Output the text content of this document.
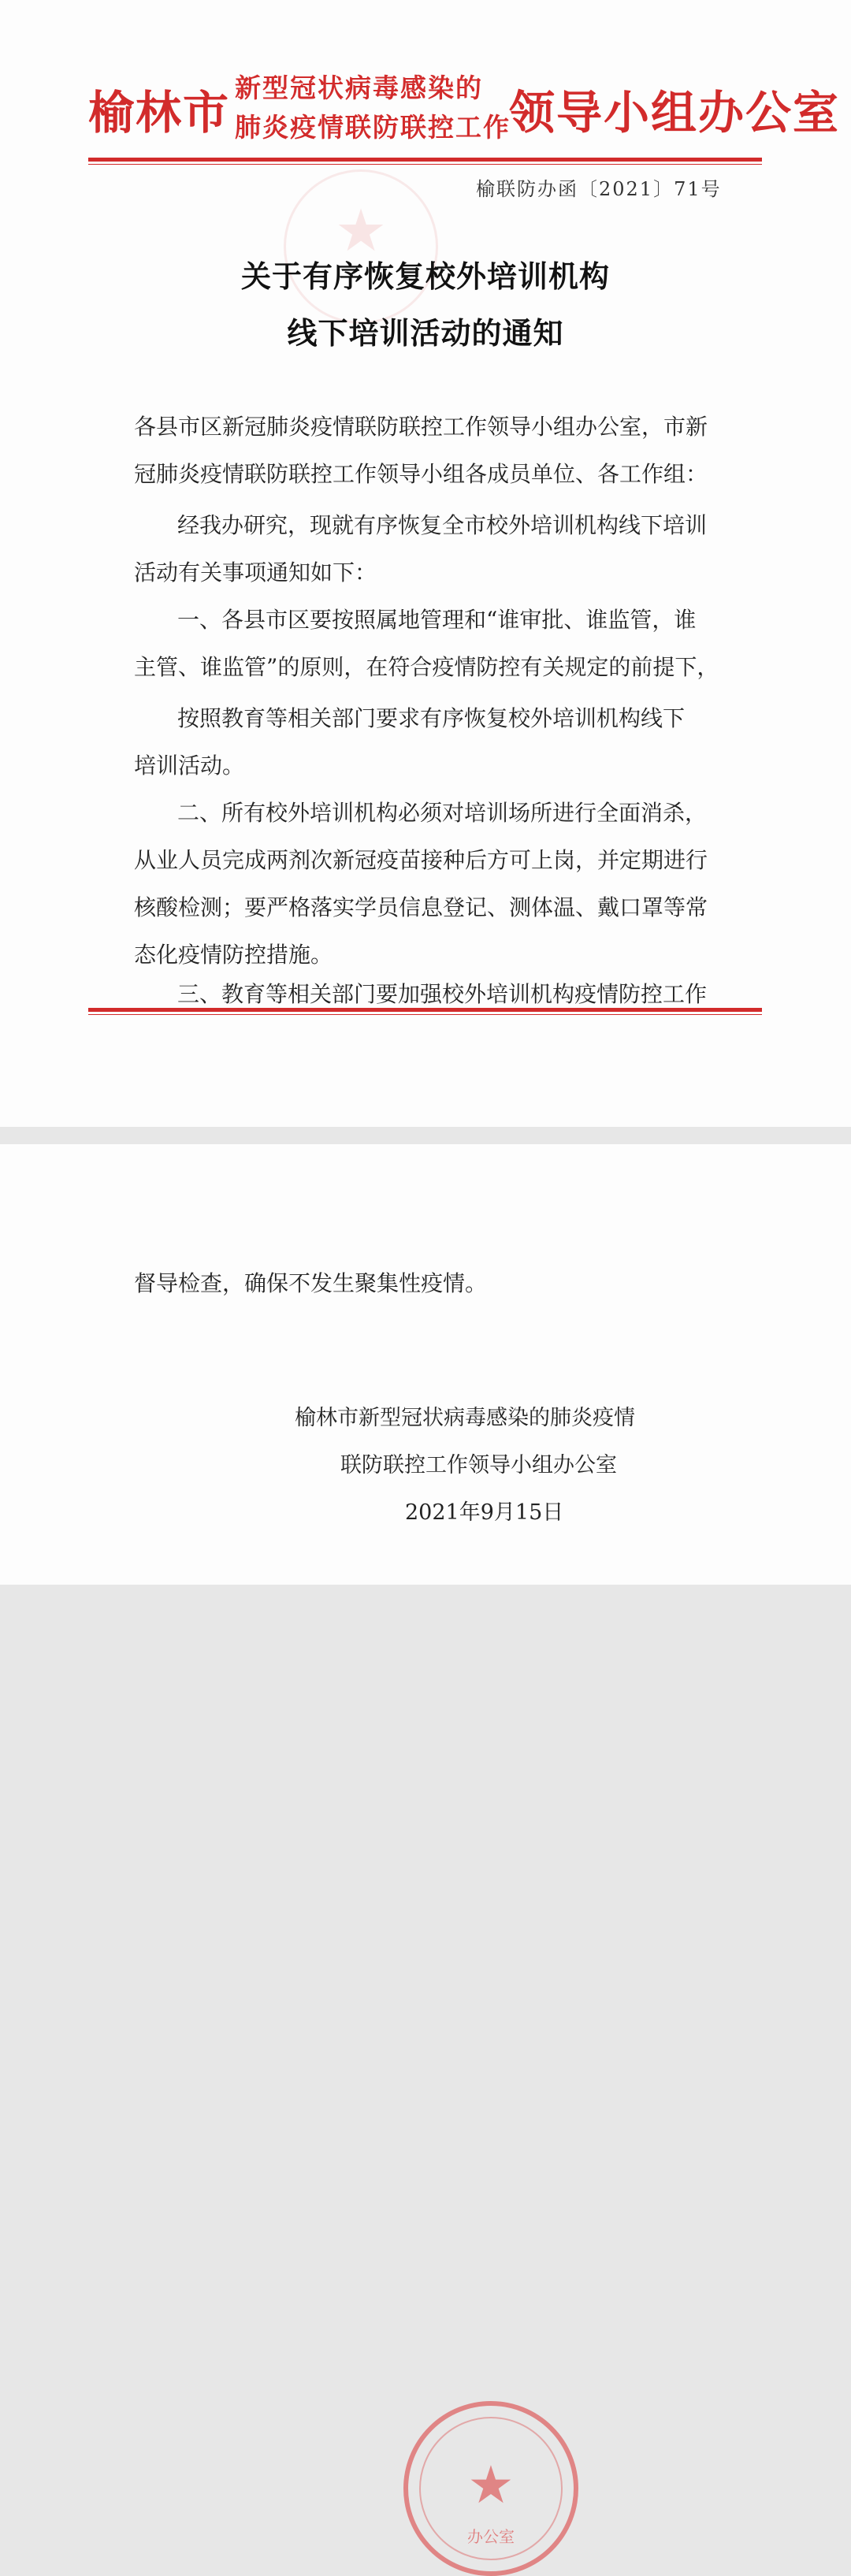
★
榆林市 新型冠状病毒感染的
肺炎疫情联防联控工作
领导小组办公室
榆联防办函〔2021〕71号
关于有序恢复校外培训机构
线下培训活动的通知
各县市区新冠肺炎疫情联防联控工作领导小组办公室，市新
冠肺炎疫情联防联控工作领导小组各成员单位、各工作组：
经我办研究，现就有序恢复全市校外培训机构线下培训
活动有关事项通知如下：
一、各县市区要按照属地管理和“谁审批、谁监管，谁
主管、谁监管”的原则，在符合疫情防控有关规定的前提下，
按照教育等相关部门要求有序恢复校外培训机构线下
培训活动。
二、所有校外培训机构必须对培训场所进行全面消杀，
从业人员完成两剂次新冠疫苗接种后方可上岗，并定期进行
核酸检测；要严格落实学员信息登记、测体温、戴口罩等常
态化疫情防控措施。
三、教育等相关部门要加强校外培训机构疫情防控工作
督导检查，确保不发生聚集性疫情。
★
办公室
榆林市新型冠状病毒感染的肺炎疫情
联防联控工作领导小组办公室
2021年9月15日
